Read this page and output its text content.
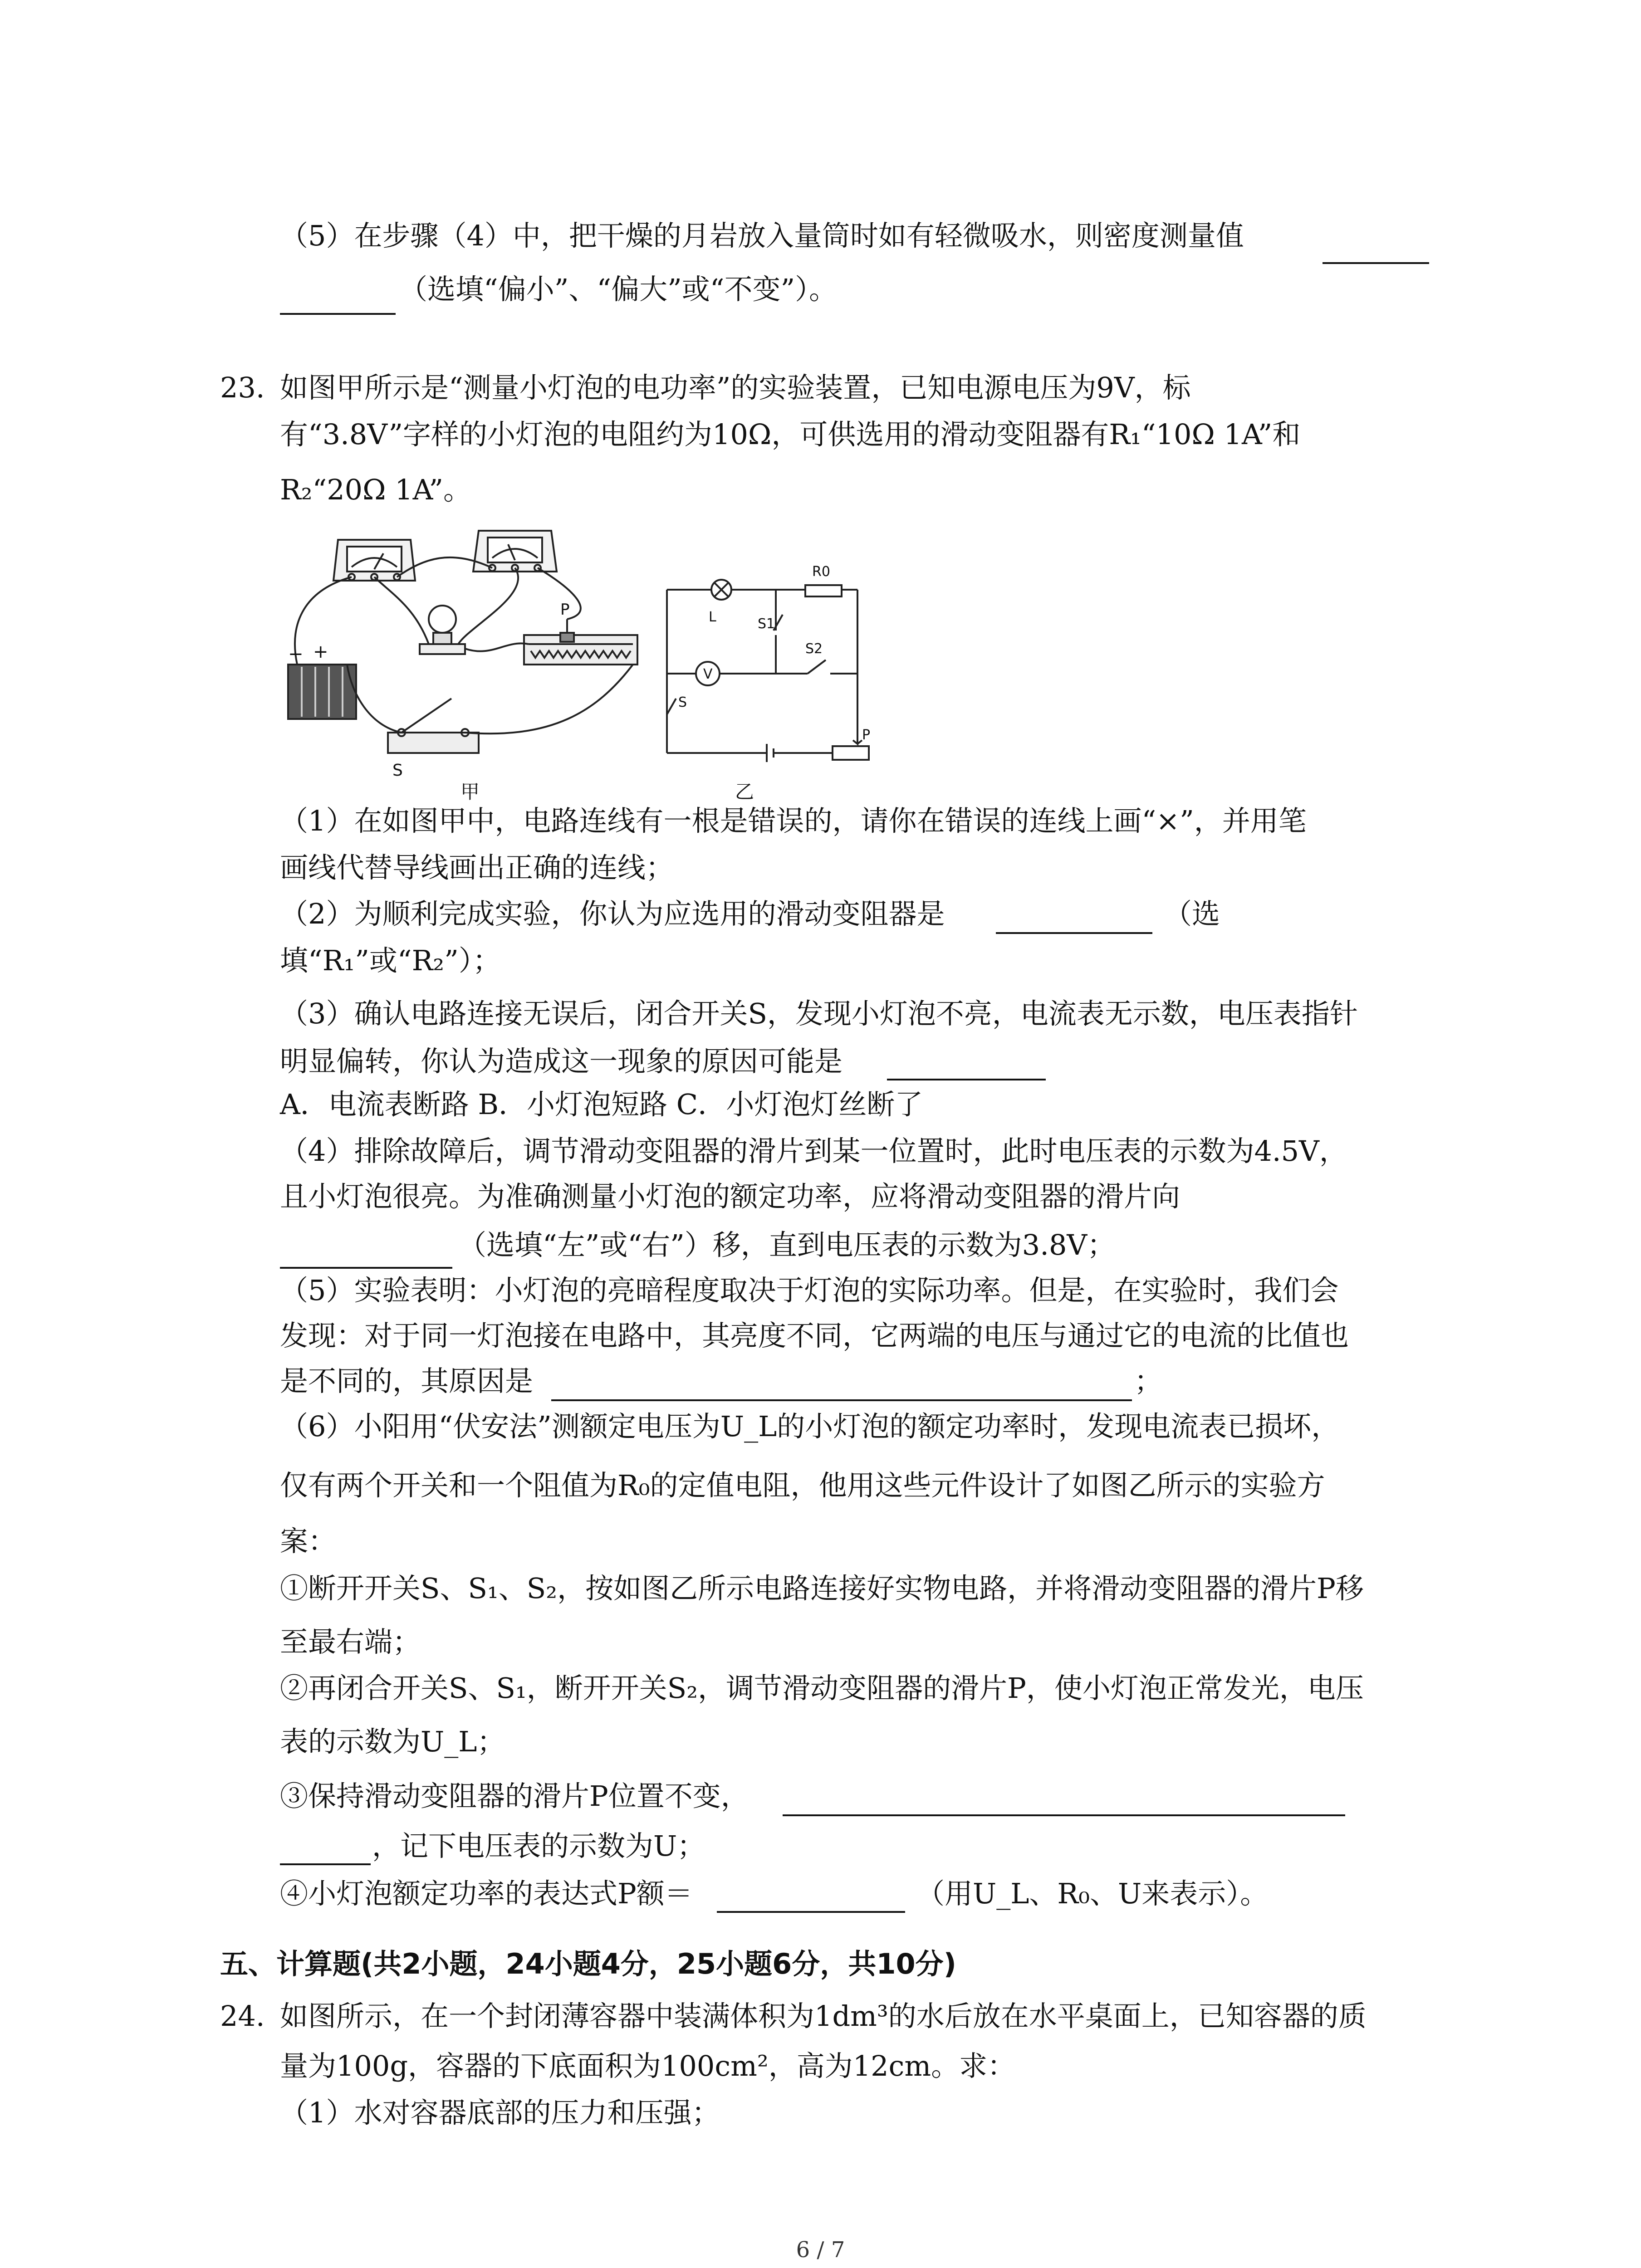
（5）在步骤（4）中，把干燥的月岩放入量筒时如有轻微吸水，则密度测量值
（选填“偏小”、“偏大”或“不变”）。
23. 如图甲所示是“测量小灯泡的电功率”的实验装置，已知电源电压为9V，标
有“3.8V”字样的小灯泡的电阻约为10Ω，可供选用的滑动变阻器有R₁“10Ω 1A”和
R₂“20Ω 1A”。
+
−
P
S
甲
L	S1
R0
V
S2
S
P
乙
（1）在如图甲中，电路连线有一根是错误的，请你在错误的连线上画“×”，并用笔
画线代替导线画出正确的连线；
（2）为顺利完成实验，你认为应选用的滑动变阻器是	（选
填“R₁”或“R₂”）；
（3）确认电路连接无误后，闭合开关S，发现小灯泡不亮，电流表无示数，电压表指针
明显偏转，你认为造成这一现象的原因可能是
A．电流表断路 B．小灯泡短路 C．小灯泡灯丝断了
（4）排除故障后，调节滑动变阻器的滑片到某一位置时，此时电压表的示数为4.5V，
且小灯泡很亮。为准确测量小灯泡的额定功率，应将滑动变阻器的滑片向
（选填“左”或“右”）移，直到电压表的示数为3.8V；
（5）实验表明：小灯泡的亮暗程度取决于灯泡的实际功率。但是，在实验时，我们会
发现：对于同一灯泡接在电路中，其亮度不同，它两端的电压与通过它的电流的比值也
是不同的，其原因是	；
（6）小阳用“伏安法”测额定电压为U_L的小灯泡的额定功率时，发现电流表已损坏，
仅有两个开关和一个阻值为R₀的定值电阻，他用这些元件设计了如图乙所示的实验方
案：
①断开开关S、S₁、S₂，按如图乙所示电路连接好实物电路，并将滑动变阻器的滑片P移
至最右端；
②再闭合开关S、S₁，断开开关S₂，调节滑动变阻器的滑片P，使小灯泡正常发光，电压
表的示数为U_L；
③保持滑动变阻器的滑片P位置不变，
，记下电压表的示数为U；
④小灯泡额定功率的表达式P额＝	（用U_L、R₀、U来表示）。
五、计算题(共2小题，24小题4分，25小题6分，共10分)
24. 如图所示，在一个封闭薄容器中装满体积为1dm³的水后放在水平桌面上，已知容器的质
量为100g，容器的下底面积为100cm²，高为12cm。求：
（1）水对容器底部的压力和压强；
6 / 7
